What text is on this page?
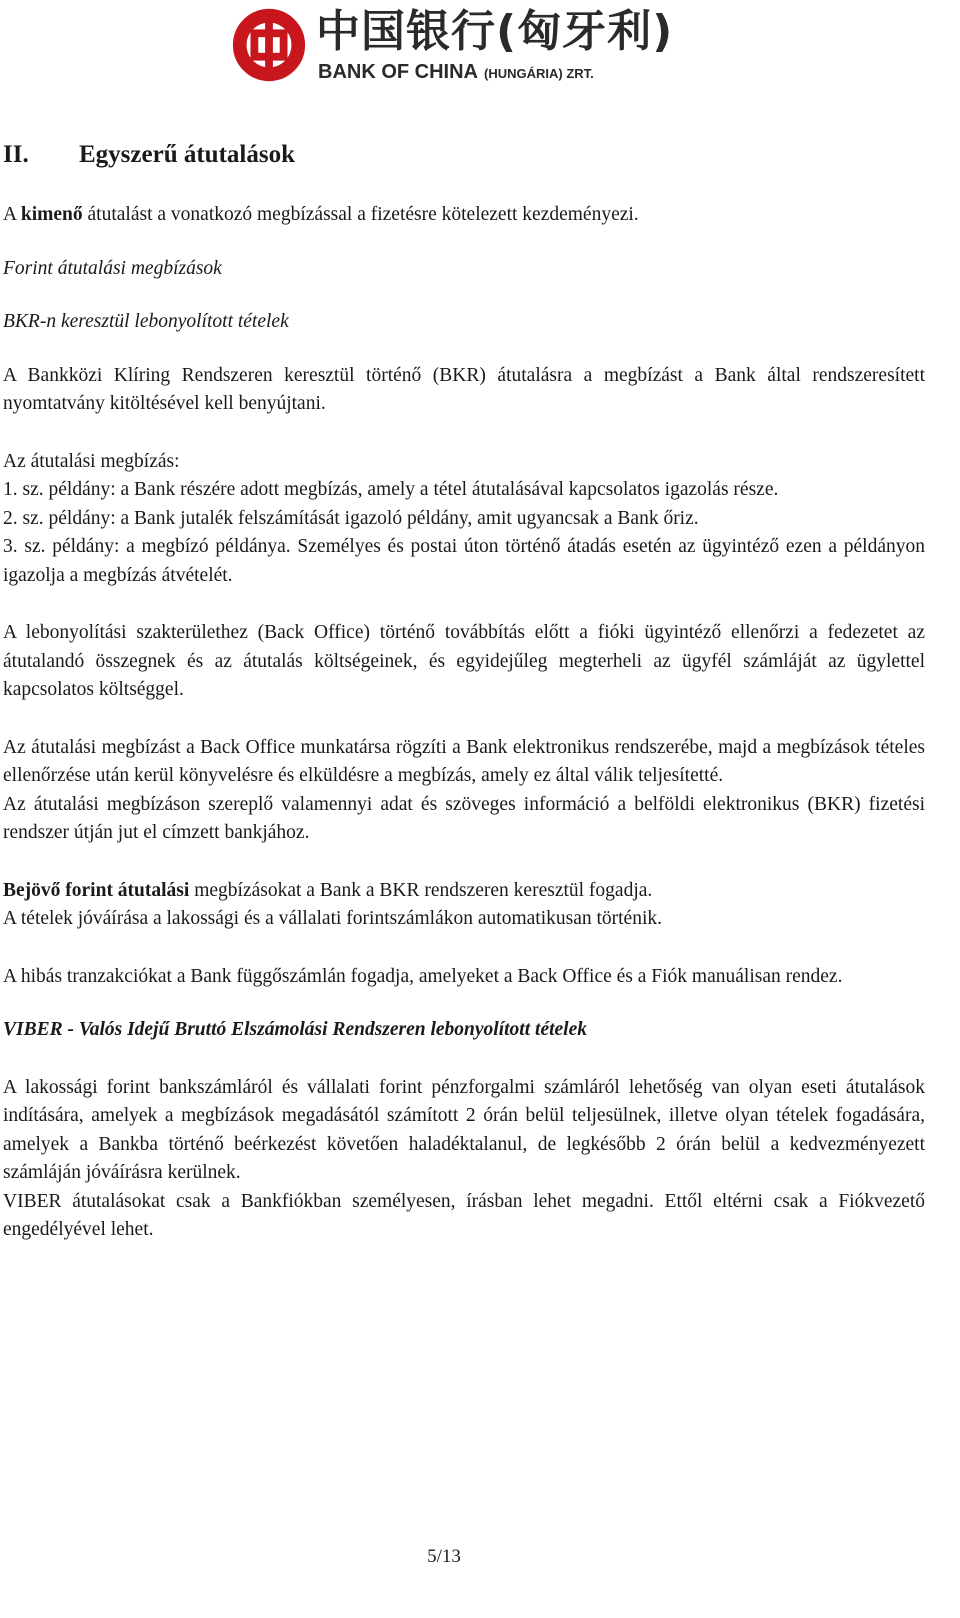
中国银行(匈牙利)
BANK OF CHINA (HUNGÁRIA) ZRT.
II. Egyszerű átutalások

A kimenő átutalást a vonatkozó megbízással a fizetésre kötelezett kezdeményezi.

Forint átutalási megbízások

BKR-n keresztül lebonyolított tételek

A Bankközi Klíring Rendszeren keresztül történő (BKR) átutalásra a megbízást a Bank által rendszeresített nyomtatvány kitöltésével kell benyújtani.

Az átutalási megbízás:

1. sz. példány: a Bank részére adott megbízás, amely a tétel átutalásával kapcsolatos igazolás része.

2. sz. példány: a Bank jutalék felszámítását igazoló példány, amit ugyancsak a Bank őriz.

3. sz. példány: a megbízó példánya. Személyes és postai úton történő átadás esetén az ügyintéző ezen a példányon igazolja a megbízás átvételét.

A lebonyolítási szakterülethez (Back Office) történő továbbítás előtt a fióki ügyintéző ellenőrzi a fedezetet az átutalandó összegnek és az átutalás költségeinek, és egyidejűleg megterheli az ügyfél számláját az ügylettel kapcsolatos költséggel.

Az átutalási megbízást a Back Office munkatársa rögzíti a Bank elektronikus rendszerébe, majd a megbízások tételes ellenőrzése után kerül könyvelésre és elküldésre a megbízás, amely ez által válik teljesítetté.

Az átutalási megbízáson szereplő valamennyi adat és szöveges információ a belföldi elektronikus (BKR) fizetési rendszer útján jut el címzett bankjához.

Bejövő forint átutalási megbízásokat a Bank a BKR rendszeren keresztül fogadja.

A tételek jóváírása a lakossági és a vállalati forintszámlákon automatikusan történik.

A hibás tranzakciókat a Bank függőszámlán fogadja, amelyeket a Back Office és a Fiók manuálisan rendez.

VIBER - Valós Idejű Bruttó Elszámolási Rendszeren lebonyolított tételek

A lakossági forint bankszámláról és vállalati forint pénzforgalmi számláról lehetőség van olyan eseti átutalások indítására, amelyek a megbízások megadásától számított 2 órán belül teljesülnek, illetve olyan tételek fogadására, amelyek a Bankba történő beérkezést követően haladéktalanul, de legkésőbb 2 órán belül a kedvezményezett számláján jóváírásra kerülnek.

VIBER átutalásokat csak a Bankfiókban személyesen, írásban lehet megadni. Ettől eltérni csak a Fiókvezető engedélyével lehet.

5/13
